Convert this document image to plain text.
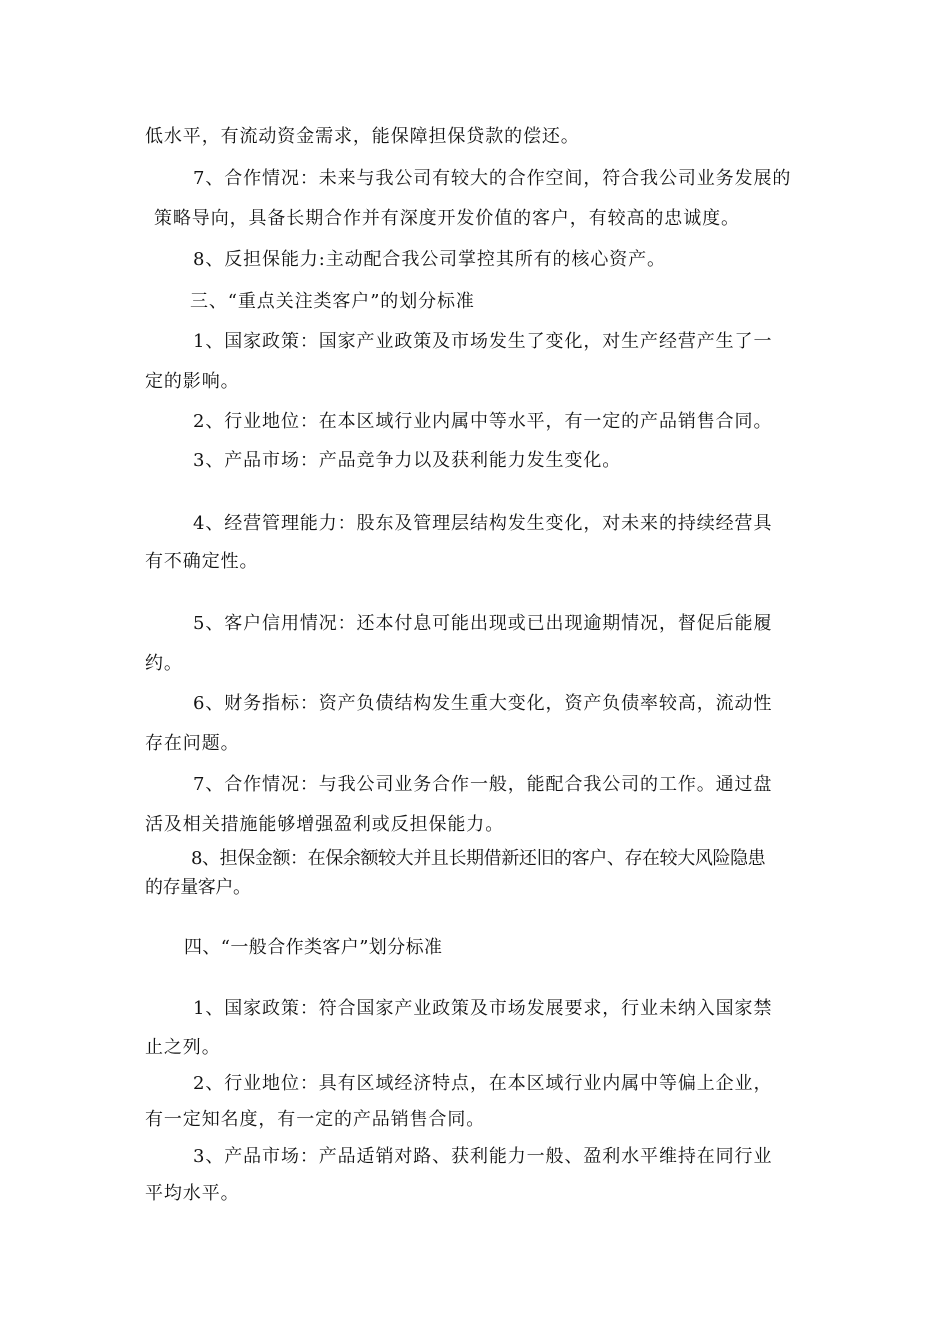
低水平，有流动资金需求，能保障担保贷款的偿还。
7、合作情况：未来与我公司有较大的合作空间，符合我公司业务发展的
策略导向，具备长期合作并有深度开发价值的客户，有较高的忠诚度。
8、反担保能力:主动配合我公司掌控其所有的核心资产。
三、“重点关注类客户”的划分标准
1、国家政策：国家产业政策及市场发生了变化，对生产经营产生了一
定的影响。
2、行业地位：在本区域行业内属中等水平，有一定的产品销售合同。
3、产品市场：产品竞争力以及获利能力发生变化。
4、经营管理能力：股东及管理层结构发生变化，对未来的持续经营具
有不确定性。
5、客户信用情况：还本付息可能出现或已出现逾期情况，督促后能履
约。
6、财务指标：资产负债结构发生重大变化，资产负债率较高，流动性
存在问题。
7、合作情况：与我公司业务合作一般，能配合我公司的工作。通过盘
活及相关措施能够增强盈利或反担保能力。
8、担保金额：在保余额较大并且长期借新还旧的客户、存在较大风险隐患
的存量客户。
四、“一般合作类客户”划分标准
1、国家政策：符合国家产业政策及市场发展要求，行业未纳入国家禁
止之列。
2、行业地位：具有区域经济特点，在本区域行业内属中等偏上企业，
有一定知名度，有一定的产品销售合同。
3、产品市场：产品适销对路、获利能力一般、盈利水平维持在同行业
平均水平。
